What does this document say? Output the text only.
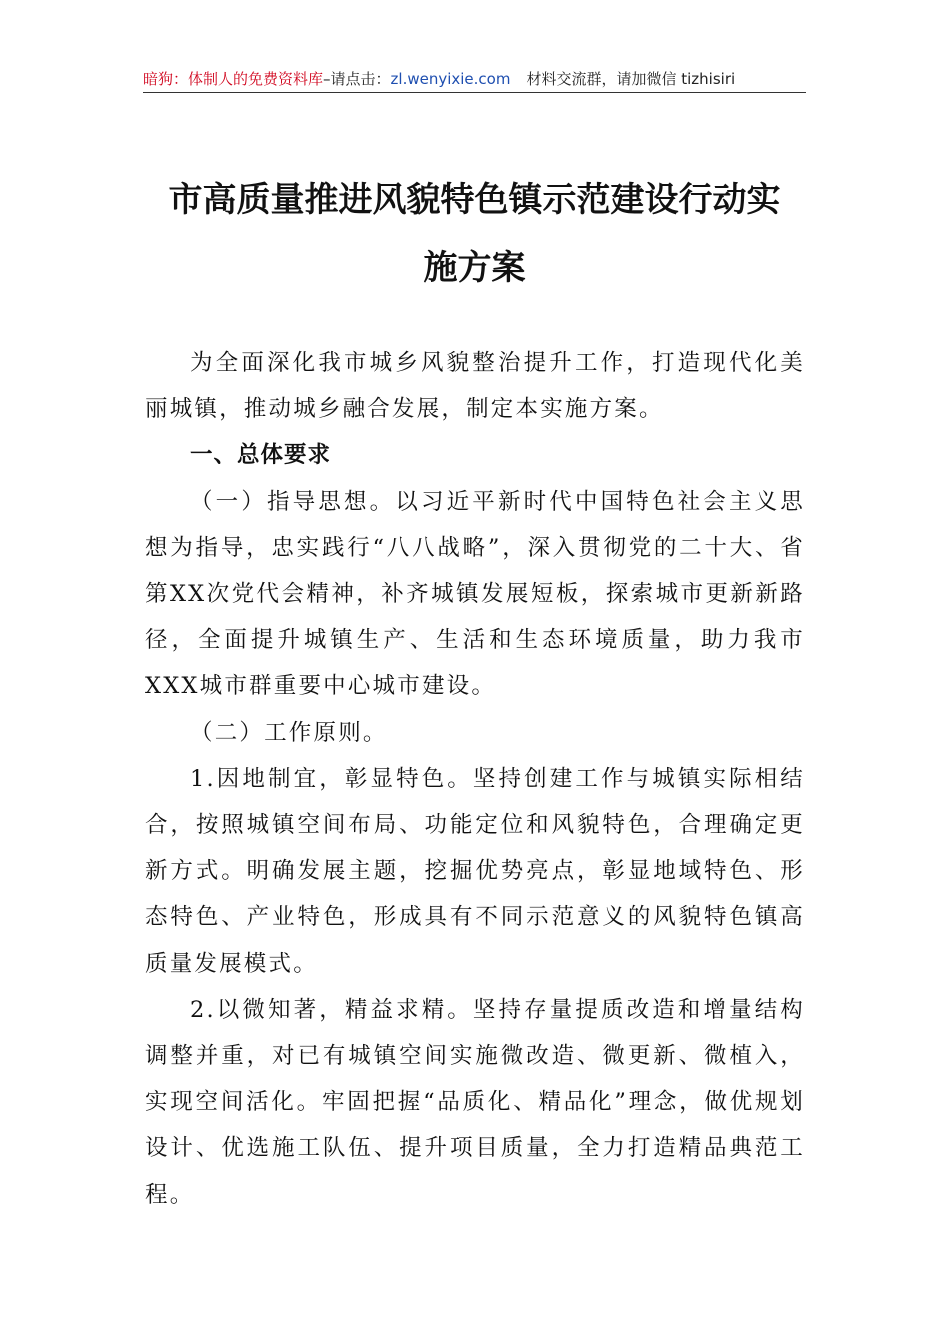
暗狗：体制人的免费资料库–请点击：zl.wenyixie.com 材料交流群，请加微信 tizhisiri
市高质量推进风貌特色镇示范建设行动实
施方案

为全面深化我市城乡风貌整治提升工作，打造现代化美丽城镇，推动城乡融合发展，制定本实施方案。

一、总体要求

（一）指导思想。以习近平新时代中国特色社会主义思想为指导，忠实践行“八八战略”，深入贯彻党的二十大、省第XX次党代会精神，补齐城镇发展短板，探索城市更新新路径，全面提升城镇生产、生活和生态环境质量，助力我市XXX城市群重要中心城市建设。

（二）工作原则。

1.因地制宜，彰显特色。坚持创建工作与城镇实际相结合，按照城镇空间布局、功能定位和风貌特色，合理确定更新方式。明确发展主题，挖掘优势亮点，彰显地域特色、形态特色、产业特色，形成具有不同示范意义的风貌特色镇高质量发展模式。

2.以微知著，精益求精。坚持存量提质改造和增量结构调整并重，对已有城镇空间实施微改造、微更新、微植入，实现空间活化。牢固把握“品质化、精品化”理念，做优规划设计、优选施工队伍、提升项目质量，全力打造精品典范工程。
